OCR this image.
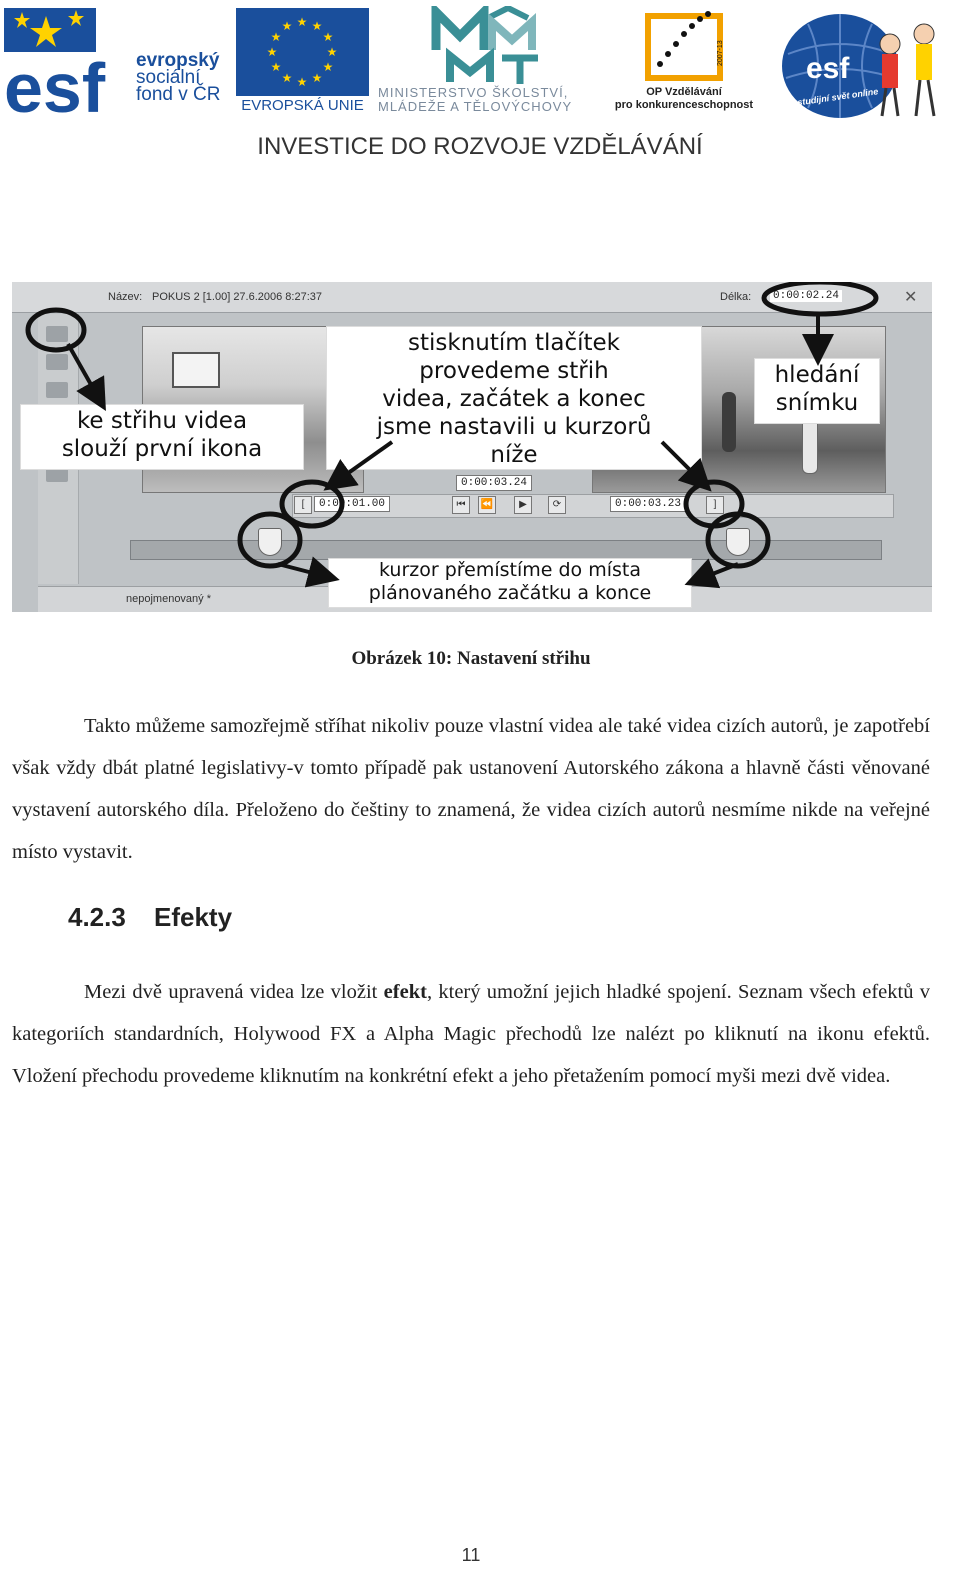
esf evropský
sociální
fond v ČR
★ ★
★
★
★
★
★
★
★
★
★
★
EVROPSKÁ UNIE
MINISTERSTVO ŠKOLSTVÍ,
MLÁDEŽE A TĚLOVÝCHOVY
2007-13
OP Vzdělávání
pro konkurenceschopnost
esf
Můj studijní svět online
INVESTICE DO ROZVOJE VZDĚLÁVÁNÍ
Název: POKUS 2 [1.00] 27.6.2006 8:27:37	Délka: 0:00:02.24	✕
[	0:00:01.00
0:00:03.24
⏮	⏪	▶	⟳	0:00:03.23	]
nepojmenovaný *
ke střihu videa
slouží první ikona
stisknutím tlačítek
provedeme střih
videa, začátek a konec
jsme nastavili u kurzorů
níže
hledání
snímku
kurzor přemístíme do místa
plánovaného začátku a konce
Obrázek 10: Nastavení střihu

Takto můžeme samozřejmě stříhat nikoliv pouze vlastní videa ale také videa cizích autorů, je zapotřebí však vždy dbát platné legislativy-v tomto případě pak ustanovení Autorského zákona a hlavně části věnované vystavení autorského díla. Přeloženo do češtiny to znamená, že videa cizích autorů nesmíme nikde na veřejné místo vystavit.

4.2.3 Efekty

Mezi dvě upravená videa lze vložit efekt, který umožní jejich hladké spojení. Seznam všech efektů v kategoriích standardních, Holywood FX a Alpha Magic přechodů lze nalézt po kliknutí na ikonu efektů. Vložení přechodu provedeme kliknutím na konkrétní efekt a jeho přetažením pomocí myši mezi dvě videa.

11
